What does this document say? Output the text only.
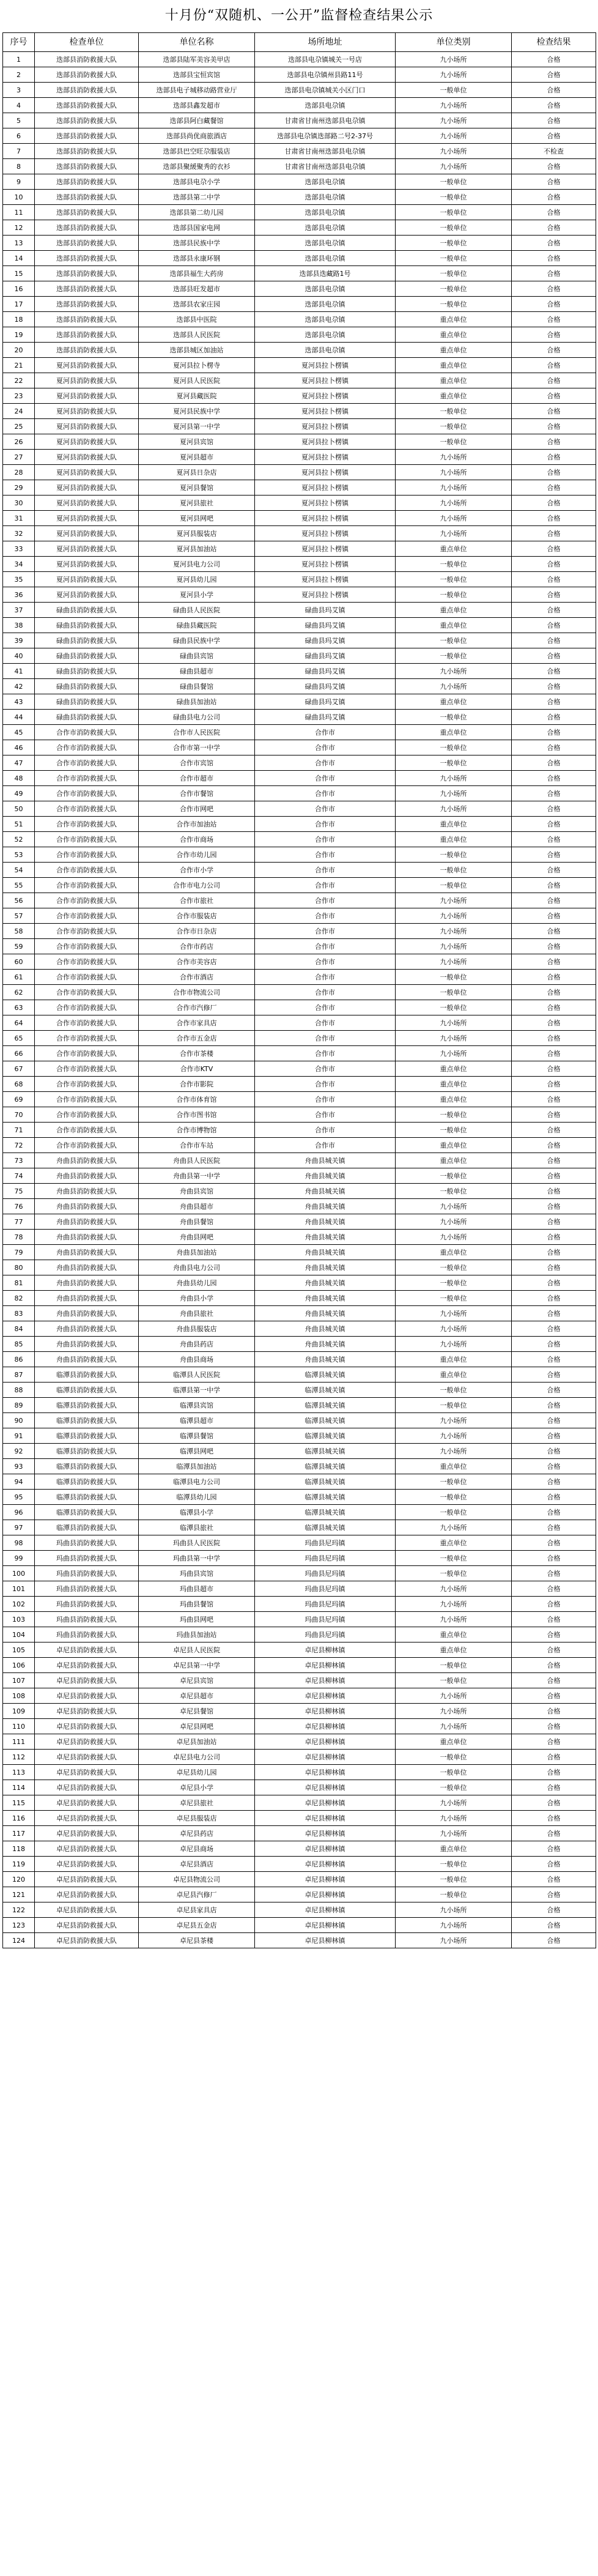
十月份“双随机、一公开”监督检查结果公示
序号	检查单位	单位名称	场所地址	单位类别	检查结果
1	迭部县消防救援大队	迭部县陆军美容美甲店	迭部县电尕镇城关一号店	九小场所	合格
2	迭部县消防救援大队	迭部县宝恒宾馆	迭部县电尕镇州县路11号	九小场所	合格
3	迭部县消防救援大队	迭部县电子城移动路营业厅	迭部县电尕镇城关小区门口	一般单位	合格
4	迭部县消防救援大队	迭部县鑫发超市	迭部县电尕镇	九小场所	合格
5	迭部县消防救援大队	迭部县阿白藏餐馆	甘肃省甘南州迭部县电尕镇	九小场所	合格
6	迭部县消防救援大队	迭部县尚优商旅酒店	迭部县电尕镇迭部路二号2-37号	九小场所	合格
7	迭部县消防救援大队	迭部县巴空旺尕服装店	甘肃省甘南州迭部县电尕镇	九小场所	不检查
8	迭部县消防救援大队	迭部县聚緩聚秀的衣衫	甘肃省甘南州迭部县电尕镇	九小场所	合格
9	迭部县消防救援大队	迭部县电尕小学	迭部县电尕镇	一般单位	合格
10	迭部县消防救援大队	迭部县第二中学	迭部县电尕镇	一般单位	合格
11	迭部县消防救援大队	迭部县第二幼儿园	迭部县电尕镇	一般单位	合格
12	迭部县消防救援大队	迭部县国家电网	迭部县电尕镇	一般单位	合格
13	迭部县消防救援大队	迭部县民族中学	迭部县电尕镇	一般单位	合格
14	迭部县消防救援大队	迭部县永康环钢	迭部县电尕镇	一般单位	合格
15	迭部县消防救援大队	迭部县福生大药房	迭部县迭藏路1号	一般单位	合格
16	迭部县消防救援大队	迭部县旺发超市	迭部县电尕镇	一般单位	合格
17	迭部县消防救援大队	迭部县农家庄园	迭部县电尕镇	一般单位	合格
18	迭部县消防救援大队	迭部县中医院	迭部县电尕镇	重点单位	合格
19	迭部县消防救援大队	迭部县人民医院	迭部县电尕镇	重点单位	合格
20	迭部县消防救援大队	迭部县城区加油站	迭部县电尕镇	重点单位	合格
21	夏河县消防救援大队	夏河县拉卜楞寺	夏河县拉卜楞镇	重点单位	合格
22	夏河县消防救援大队	夏河县人民医院	夏河县拉卜楞镇	重点单位	合格
23	夏河县消防救援大队	夏河县藏医院	夏河县拉卜楞镇	重点单位	合格
24	夏河县消防救援大队	夏河县民族中学	夏河县拉卜楞镇	一般单位	合格
25	夏河县消防救援大队	夏河县第一中学	夏河县拉卜楞镇	一般单位	合格
26	夏河县消防救援大队	夏河县宾馆	夏河县拉卜楞镇	一般单位	合格
27	夏河县消防救援大队	夏河县超市	夏河县拉卜楞镇	九小场所	合格
28	夏河县消防救援大队	夏河县日杂店	夏河县拉卜楞镇	九小场所	合格
29	夏河县消防救援大队	夏河县餐馆	夏河县拉卜楞镇	九小场所	合格
30	夏河县消防救援大队	夏河县旅社	夏河县拉卜楞镇	九小场所	合格
31	夏河县消防救援大队	夏河县网吧	夏河县拉卜楞镇	九小场所	合格
32	夏河县消防救援大队	夏河县服装店	夏河县拉卜楞镇	九小场所	合格
33	夏河县消防救援大队	夏河县加油站	夏河县拉卜楞镇	重点单位	合格
34	夏河县消防救援大队	夏河县电力公司	夏河县拉卜楞镇	一般单位	合格
35	夏河县消防救援大队	夏河县幼儿园	夏河县拉卜楞镇	一般单位	合格
36	夏河县消防救援大队	夏河县小学	夏河县拉卜楞镇	一般单位	合格
37	碌曲县消防救援大队	碌曲县人民医院	碌曲县玛艾镇	重点单位	合格
38	碌曲县消防救援大队	碌曲县藏医院	碌曲县玛艾镇	重点单位	合格
39	碌曲县消防救援大队	碌曲县民族中学	碌曲县玛艾镇	一般单位	合格
40	碌曲县消防救援大队	碌曲县宾馆	碌曲县玛艾镇	一般单位	合格
41	碌曲县消防救援大队	碌曲县超市	碌曲县玛艾镇	九小场所	合格
42	碌曲县消防救援大队	碌曲县餐馆	碌曲县玛艾镇	九小场所	合格
43	碌曲县消防救援大队	碌曲县加油站	碌曲县玛艾镇	重点单位	合格
44	碌曲县消防救援大队	碌曲县电力公司	碌曲县玛艾镇	一般单位	合格
45	合作市消防救援大队	合作市人民医院	合作市	重点单位	合格
46	合作市消防救援大队	合作市第一中学	合作市	一般单位	合格
47	合作市消防救援大队	合作市宾馆	合作市	一般单位	合格
48	合作市消防救援大队	合作市超市	合作市	九小场所	合格
49	合作市消防救援大队	合作市餐馆	合作市	九小场所	合格
50	合作市消防救援大队	合作市网吧	合作市	九小场所	合格
51	合作市消防救援大队	合作市加油站	合作市	重点单位	合格
52	合作市消防救援大队	合作市商场	合作市	重点单位	合格
53	合作市消防救援大队	合作市幼儿园	合作市	一般单位	合格
54	合作市消防救援大队	合作市小学	合作市	一般单位	合格
55	合作市消防救援大队	合作市电力公司	合作市	一般单位	合格
56	合作市消防救援大队	合作市旅社	合作市	九小场所	合格
57	合作市消防救援大队	合作市服装店	合作市	九小场所	合格
58	合作市消防救援大队	合作市日杂店	合作市	九小场所	合格
59	合作市消防救援大队	合作市药店	合作市	九小场所	合格
60	合作市消防救援大队	合作市美容店	合作市	九小场所	合格
61	合作市消防救援大队	合作市酒店	合作市	一般单位	合格
62	合作市消防救援大队	合作市物流公司	合作市	一般单位	合格
63	合作市消防救援大队	合作市汽修厂	合作市	一般单位	合格
64	合作市消防救援大队	合作市家具店	合作市	九小场所	合格
65	合作市消防救援大队	合作市五金店	合作市	九小场所	合格
66	合作市消防救援大队	合作市茶楼	合作市	九小场所	合格
67	合作市消防救援大队	合作市KTV	合作市	重点单位	合格
68	合作市消防救援大队	合作市影院	合作市	重点单位	合格
69	合作市消防救援大队	合作市体育馆	合作市	重点单位	合格
70	合作市消防救援大队	合作市图书馆	合作市	一般单位	合格
71	合作市消防救援大队	合作市博物馆	合作市	一般单位	合格
72	合作市消防救援大队	合作市车站	合作市	重点单位	合格
73	舟曲县消防救援大队	舟曲县人民医院	舟曲县城关镇	重点单位	合格
74	舟曲县消防救援大队	舟曲县第一中学	舟曲县城关镇	一般单位	合格
75	舟曲县消防救援大队	舟曲县宾馆	舟曲县城关镇	一般单位	合格
76	舟曲县消防救援大队	舟曲县超市	舟曲县城关镇	九小场所	合格
77	舟曲县消防救援大队	舟曲县餐馆	舟曲县城关镇	九小场所	合格
78	舟曲县消防救援大队	舟曲县网吧	舟曲县城关镇	九小场所	合格
79	舟曲县消防救援大队	舟曲县加油站	舟曲县城关镇	重点单位	合格
80	舟曲县消防救援大队	舟曲县电力公司	舟曲县城关镇	一般单位	合格
81	舟曲县消防救援大队	舟曲县幼儿园	舟曲县城关镇	一般单位	合格
82	舟曲县消防救援大队	舟曲县小学	舟曲县城关镇	一般单位	合格
83	舟曲县消防救援大队	舟曲县旅社	舟曲县城关镇	九小场所	合格
84	舟曲县消防救援大队	舟曲县服装店	舟曲县城关镇	九小场所	合格
85	舟曲县消防救援大队	舟曲县药店	舟曲县城关镇	九小场所	合格
86	舟曲县消防救援大队	舟曲县商场	舟曲县城关镇	重点单位	合格
87	临潭县消防救援大队	临潭县人民医院	临潭县城关镇	重点单位	合格
88	临潭县消防救援大队	临潭县第一中学	临潭县城关镇	一般单位	合格
89	临潭县消防救援大队	临潭县宾馆	临潭县城关镇	一般单位	合格
90	临潭县消防救援大队	临潭县超市	临潭县城关镇	九小场所	合格
91	临潭县消防救援大队	临潭县餐馆	临潭县城关镇	九小场所	合格
92	临潭县消防救援大队	临潭县网吧	临潭县城关镇	九小场所	合格
93	临潭县消防救援大队	临潭县加油站	临潭县城关镇	重点单位	合格
94	临潭县消防救援大队	临潭县电力公司	临潭县城关镇	一般单位	合格
95	临潭县消防救援大队	临潭县幼儿园	临潭县城关镇	一般单位	合格
96	临潭县消防救援大队	临潭县小学	临潭县城关镇	一般单位	合格
97	临潭县消防救援大队	临潭县旅社	临潭县城关镇	九小场所	合格
98	玛曲县消防救援大队	玛曲县人民医院	玛曲县尼玛镇	重点单位	合格
99	玛曲县消防救援大队	玛曲县第一中学	玛曲县尼玛镇	一般单位	合格
100	玛曲县消防救援大队	玛曲县宾馆	玛曲县尼玛镇	一般单位	合格
101	玛曲县消防救援大队	玛曲县超市	玛曲县尼玛镇	九小场所	合格
102	玛曲县消防救援大队	玛曲县餐馆	玛曲县尼玛镇	九小场所	合格
103	玛曲县消防救援大队	玛曲县网吧	玛曲县尼玛镇	九小场所	合格
104	玛曲县消防救援大队	玛曲县加油站	玛曲县尼玛镇	重点单位	合格
105	卓尼县消防救援大队	卓尼县人民医院	卓尼县柳林镇	重点单位	合格
106	卓尼县消防救援大队	卓尼县第一中学	卓尼县柳林镇	一般单位	合格
107	卓尼县消防救援大队	卓尼县宾馆	卓尼县柳林镇	一般单位	合格
108	卓尼县消防救援大队	卓尼县超市	卓尼县柳林镇	九小场所	合格
109	卓尼县消防救援大队	卓尼县餐馆	卓尼县柳林镇	九小场所	合格
110	卓尼县消防救援大队	卓尼县网吧	卓尼县柳林镇	九小场所	合格
111	卓尼县消防救援大队	卓尼县加油站	卓尼县柳林镇	重点单位	合格
112	卓尼县消防救援大队	卓尼县电力公司	卓尼县柳林镇	一般单位	合格
113	卓尼县消防救援大队	卓尼县幼儿园	卓尼县柳林镇	一般单位	合格
114	卓尼县消防救援大队	卓尼县小学	卓尼县柳林镇	一般单位	合格
115	卓尼县消防救援大队	卓尼县旅社	卓尼县柳林镇	九小场所	合格
116	卓尼县消防救援大队	卓尼县服装店	卓尼县柳林镇	九小场所	合格
117	卓尼县消防救援大队	卓尼县药店	卓尼县柳林镇	九小场所	合格
118	卓尼县消防救援大队	卓尼县商场	卓尼县柳林镇	重点单位	合格
119	卓尼县消防救援大队	卓尼县酒店	卓尼县柳林镇	一般单位	合格
120	卓尼县消防救援大队	卓尼县物流公司	卓尼县柳林镇	一般单位	合格
121	卓尼县消防救援大队	卓尼县汽修厂	卓尼县柳林镇	一般单位	合格
122	卓尼县消防救援大队	卓尼县家具店	卓尼县柳林镇	九小场所	合格
123	卓尼县消防救援大队	卓尼县五金店	卓尼县柳林镇	九小场所	合格
124	卓尼县消防救援大队	卓尼县茶楼	卓尼县柳林镇	九小场所	合格
